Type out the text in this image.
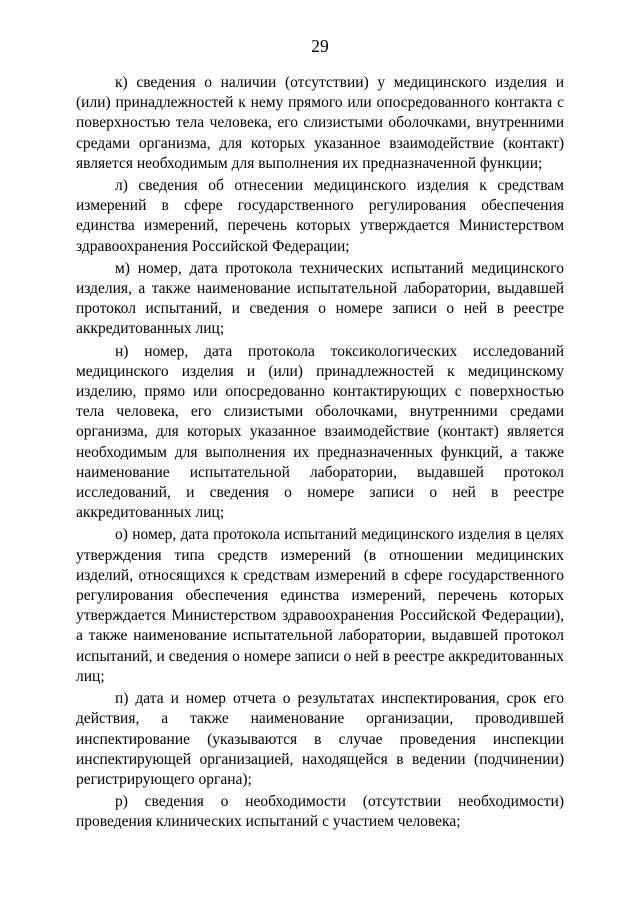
29

к) сведения о наличии (отсутствии) у медицинского изделия и (или) принадлежностей к нему прямого или опосредованного контакта с поверхностью тела человека, его слизистыми оболочками, внутренними средами организма, для которых указанное взаимодействие (контакт) является необходимым для выполнения их предназначенной функции;

л) сведения об отнесении медицинского изделия к средствам измерений в сфере государственного регулирования обеспечения единства измерений, перечень которых утверждается Министерством здравоохранения Российской Федерации;

м) номер, дата протокола технических испытаний медицинского изделия, а также наименование испытательной лаборатории, выдавшей протокол испытаний, и сведения о номере записи о ней в реестре аккредитованных лиц;

н) номер, дата протокола токсикологических исследований медицинского изделия и (или) принадлежностей к медицинскому изделию, прямо или опосредованно контактирующих с поверхностью тела человека, его слизистыми оболочками, внутренними средами организма, для которых указанное взаимодействие (контакт) является необходимым для выполнения их предназначенных функций, а также наименование испытательной лаборатории, выдавшей протокол исследований, и сведения о номере записи о ней в реестре аккредитованных лиц;

о) номер, дата протокола испытаний медицинского изделия в целях утверждения типа средств измерений (в отношении медицинских изделий, относящихся к средствам измерений в сфере государственного регулирования обеспечения единства измерений, перечень которых утверждается Министерством здравоохранения Российской Федерации), а также наименование испытательной лаборатории, выдавшей протокол испытаний, и сведения о номере записи о ней в реестре аккредитованных лиц;

п) дата и номер отчета о результатах инспектирования, срок его действия, а также наименование организации, проводившей инспектирование (указываются в случае проведения инспекции инспектирующей организацией, находящейся в ведении (подчинении) регистрирующего органа);

р) сведения о необходимости (отсутствии необходимости) проведения клинических испытаний с участием человека;
